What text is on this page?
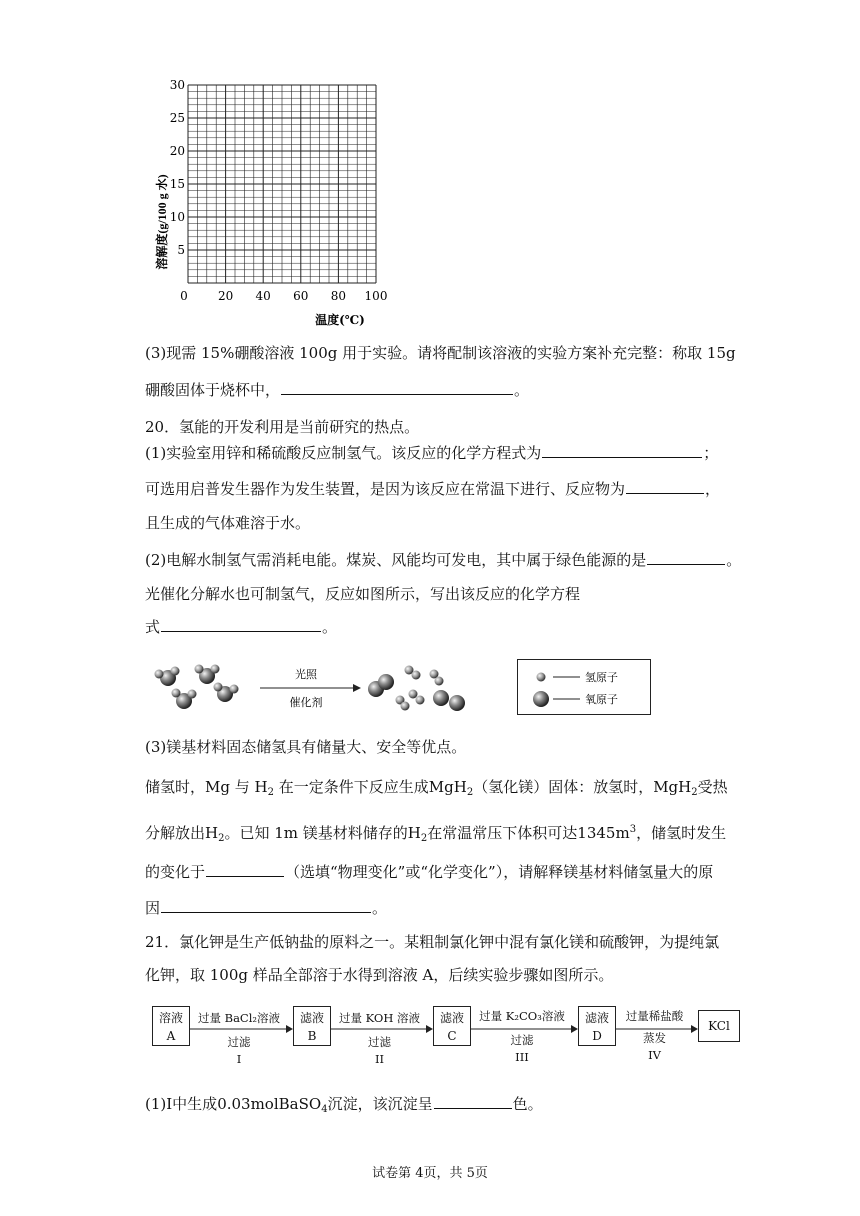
5
10
15
20
25
30
0	20 40 60 80 100
溶解度(g/100 g 水)
温度(℃)
(3)现需 15%硼酸溶液 100g 用于实验。请将配制该溶液的实验方案补充完整：称取 15g
硼酸固体于烧杯中，	。
20．氢能的开发利用是当前研究的热点。
(1)实验室用锌和稀硫酸反应制氢气。该反应的化学方程式为	；
可选用启普发生器作为发生装置，是因为该反应在常温下进行、反应物为	，
且生成的气体难溶于水。
(2)电解水制氢气需消耗电能。煤炭、风能均可发电，其中属于绿色能源的是	。
光催化分解水也可制氢气，反应如图所示，写出该反应的化学方程
式	。
光照
催化剂
氢原子
氧原子
(3)镁基材料固态储氢具有储量大、安全等优点。
储氢时，Mg 与 $H_2$ 在一定条件下反应生成MgH$_2$（氢化镁）固体：放氢时，MgH$_2$受热
分解放出$H_2$。已知 1m 镁基材料储存的$H_2$在常温常压下体积可达$1345m^3$，储氢时发生
的变化于	（选填“物理变化”或“化学变化”），请解释镁基材料储氢量大的原
因	。
21．氯化钾是生产低钠盐的原料之一。某粗制氯化钾中混有氯化镁和硫酸钾，为提纯氯
化钾，取 100g 样品全部溶于水得到溶液 A，后续实验步骤如图所示。
溶液
A
滤液
B
滤液
C
滤液
D
KCl
过量 BaCl₂溶液
过滤
I
过量 KOH 溶液
过滤
II
过量 K₂CO₃溶液
过滤
III
过量稀盐酸
蒸发
IV
(1)I中生成0.03molBaSO$_4$沉淀，该沉淀呈	色。
试卷第 4页，共 5页
